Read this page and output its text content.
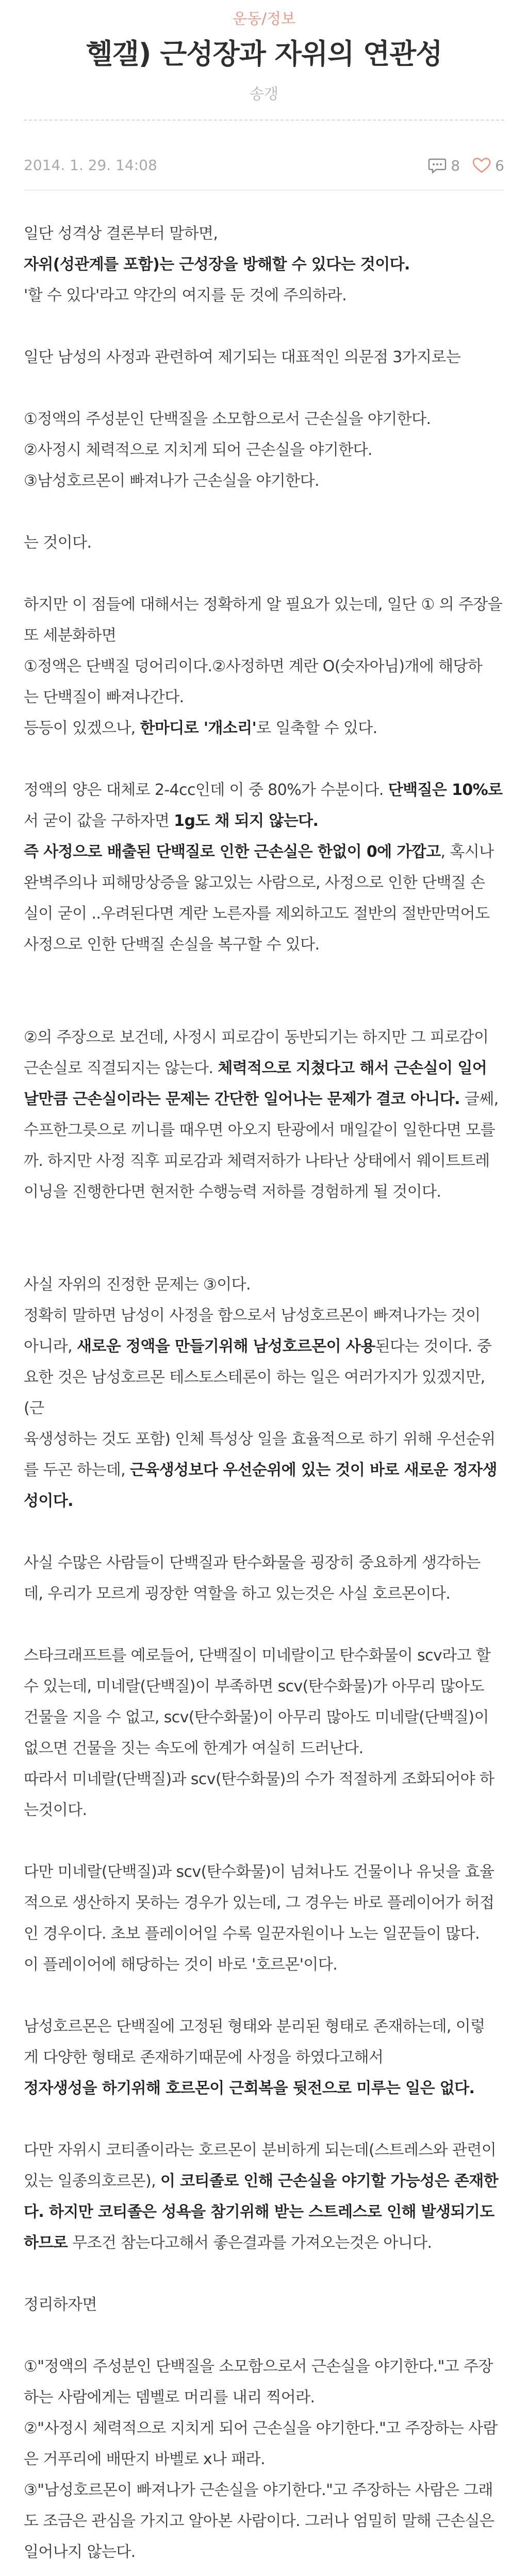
운동/정보
헬갤) 근성장과 자위의 연관성
송갱
2014. 1. 29. 14:08	8 6

일단 성격상 결론부터 말하면,

자위(성관계를 포함)는 근성장을 방해할 수 있다는 것이다.

'할 수 있다'라고 약간의 여지를 둔 것에 주의하라.

일단 남성의 사정과 관련하여 제기되는 대표적인 의문점 3가지로는

①정액의 주성분인 단백질을 소모함으로서 근손실을 야기한다.

②사정시 체력적으로 지치게 되어 근손실을 야기한다.

③남성호르몬이 빠져나가 근손실을 야기한다.

는 것이다.

하지만 이 점들에 대해서는 정확하게 알 필요가 있는데, 일단 ① 의 주장을

또 세분화하면

①정액은 단백질 덩어리이다.②사정하면 계란 O(숫자아님)개에 해당하

는 단백질이 빠져나간다.

등등이 있겠으나, 한마디로 '개소리'로 일축할 수 있다.

정액의 양은 대체로 2-4cc인데 이 중 80%가 수분이다. 단백질은 10%로

서 굳이 값을 구하자면 1g도 채 되지 않는다.

즉 사정으로 배출된 단백질로 인한 근손실은 한없이 0에 가깝고, 혹시나

완벽주의나 피해망상증을 앓고있는 사람으로, 사정으로 인한 단백질 손

실이 굳이 ..우려된다면 계란 노른자를 제외하고도 절반의 절반만먹어도

사정으로 인한 단백질 손실을 복구할 수 있다.

②의 주장으로 보건데, 사정시 피로감이 동반되기는 하지만 그 피로감이

근손실로 직결되지는 않는다. 체력적으로 지쳤다고 해서 근손실이 일어

날만큼 근손실이라는 문제는 간단한 일어나는 문제가 결코 아니다. 글쎄,

수프한그릇으로 끼니를 때우면 아오지 탄광에서 매일같이 일한다면 모를

까. 하지만 사정 직후 피로감과 체력저하가 나타난 상태에서 웨이트트레

이닝을 진행한다면 현저한 수행능력 저하를 경험하게 될 것이다.

사실 자위의 진정한 문제는 ③이다.

정확히 말하면 남성이 사정을 함으로서 남성호르몬이 빠져나가는 것이

아니라, 새로운 정액을 만들기위해 남성호르몬이 사용된다는 것이다. 중

요한 것은 남성호르몬 테스토스테론이 하는 일은 여러가지가 있겠지만, (근

육생성하는 것도 포함) 인체 특성상 일을 효율적으로 하기 위해 우선순위

를 두곤 하는데, 근육생성보다 우선순위에 있는 것이 바로 새로운 정자생

성이다.

사실 수많은 사람들이 단백질과 탄수화물을 굉장히 중요하게 생각하는

데, 우리가 모르게 굉장한 역할을 하고 있는것은 사실 호르몬이다.

스타크래프트를 예로들어, 단백질이 미네랄이고 탄수화물이 scv라고 할

수 있는데, 미네랄(단백질)이 부족하면 scv(탄수화물)가 아무리 많아도

건물을 지을 수 없고, scv(탄수화물)이 아무리 많아도 미네랄(단백질)이

없으면 건물을 짓는 속도에 한계가 여실히 드러난다.

따라서 미네랄(단백질)과 scv(탄수화물)의 수가 적절하게 조화되어야 하

는것이다.

다만 미네랄(단백질)과 scv(탄수화물)이 넘쳐나도 건물이나 유닛을 효율

적으로 생산하지 못하는 경우가 있는데, 그 경우는 바로 플레이어가 허접

인 경우이다. 초보 플레이어일 수록 일꾼자원이나 노는 일꾼들이 많다.

이 플레이어에 해당하는 것이 바로 '호르몬'이다.

남성호르몬은 단백질에 고정된 형태와 분리된 형태로 존재하는데, 이렇

게 다양한 형태로 존재하기때문에 사정을 하였다고해서

정자생성을 하기위해 호르몬이 근회복을 뒷전으로 미루는 일은 없다.

다만 자위시 코티졸이라는 호르몬이 분비하게 되는데(스트레스와 관련이

있는 일종의호르몬), 이 코티졸로 인해 근손실을 야기할 가능성은 존재한

다. 하지만 코티졸은 성욕을 참기위해 받는 스트레스로 인해 발생되기도

하므로 무조건 참는다고해서 좋은결과를 가져오는것은 아니다.

정리하자면

①"정액의 주성분인 단백질을 소모함으로서 근손실을 야기한다."고 주장

하는 사람에게는 뎀벨로 머리를 내리 찍어라.

②"사정시 체력적으로 지치게 되어 근손실을 야기한다."고 주장하는 사람

은 거푸리에 배딴지 바벨로 x나 패라.

③"남성호르몬이 빠져나가 근손실을 야기한다."고 주장하는 사람은 그래

도 조금은 관심을 가지고 알아본 사람이다. 그러나 엄밀히 말해 근손실은

일어나지 않는다.
